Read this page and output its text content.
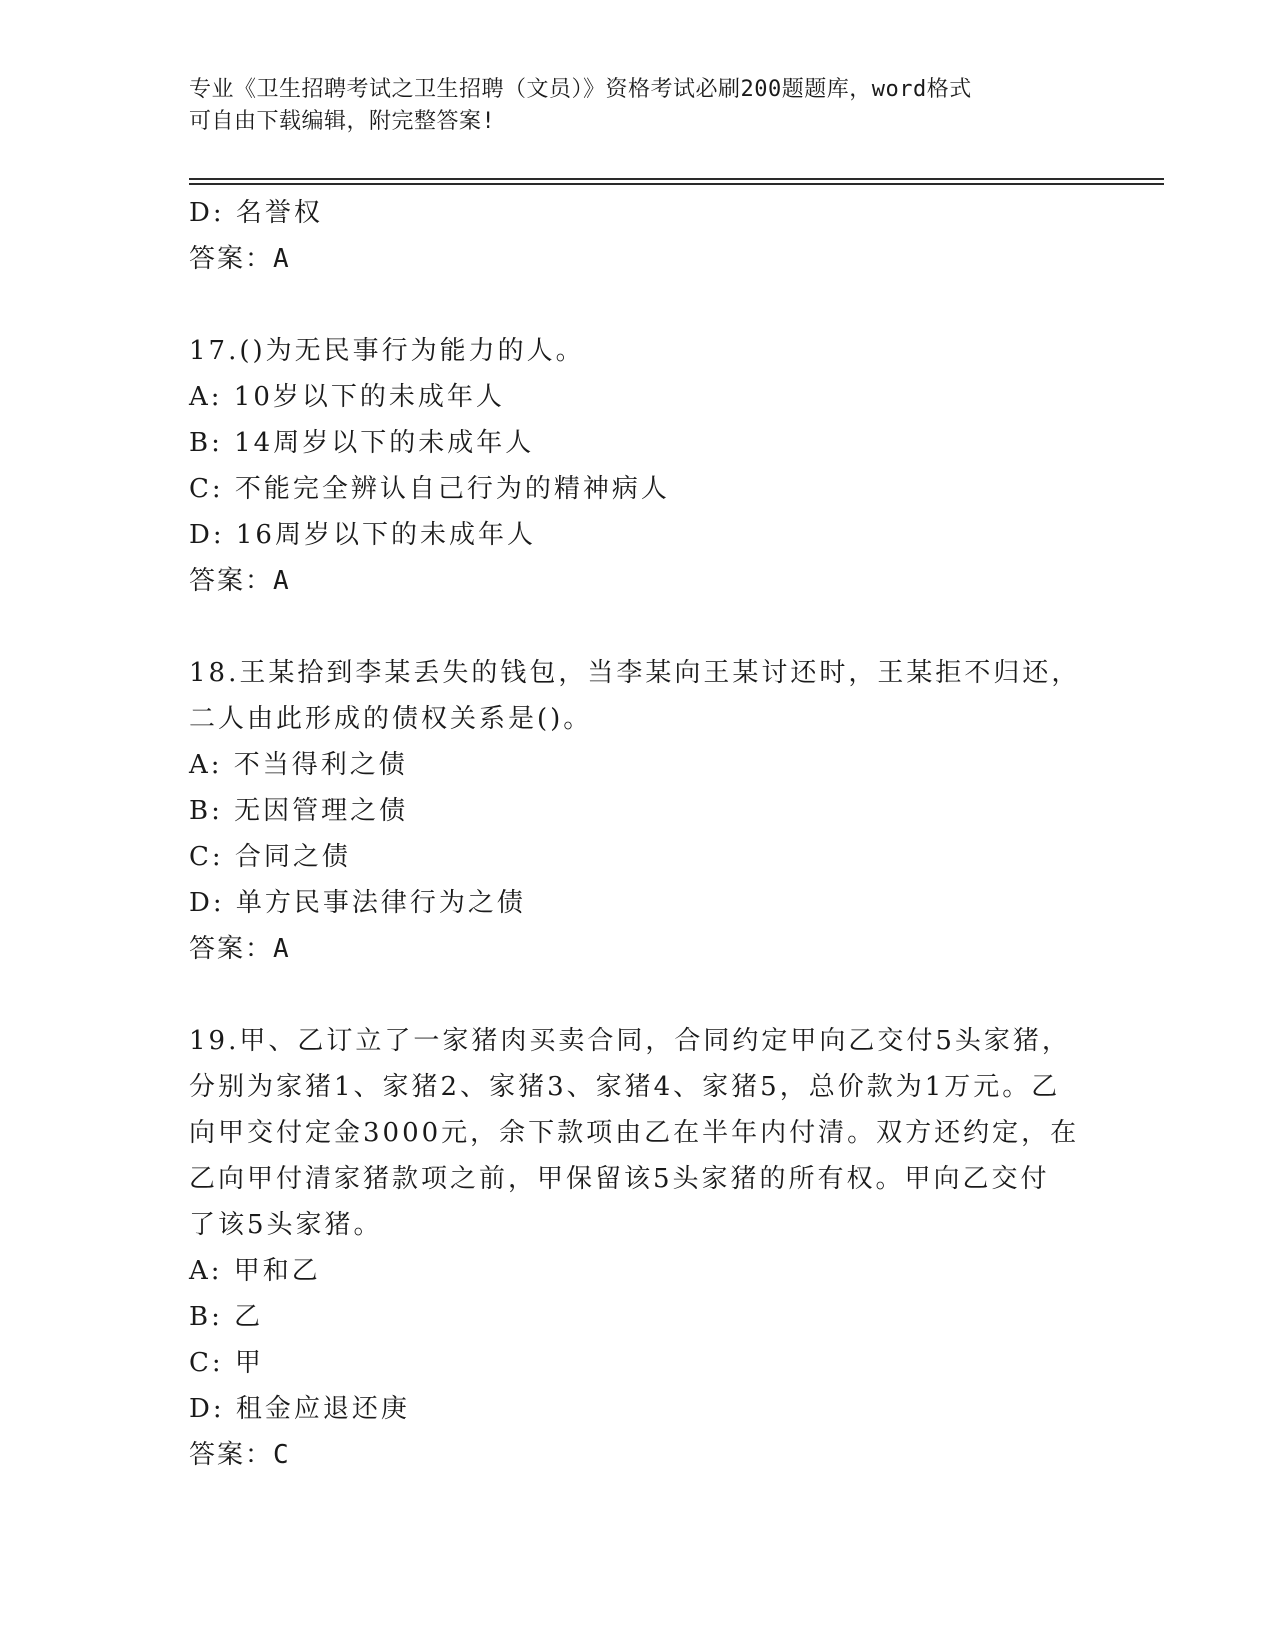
专业《卫生招聘考试之卫生招聘（文员）》资格考试必刷200题题库，word格式
可自由下载编辑，附完整答案!
D: 名誉权
答案：A
17.()为无民事行为能力的人。
A: 10岁以下的未成年人
B: 14周岁以下的未成年人
C: 不能完全辨认自己行为的精神病人
D: 16周岁以下的未成年人
答案：A
18.王某拾到李某丢失的钱包，当李某向王某讨还时，王某拒不归还，
二人由此形成的债权关系是()。
A: 不当得利之债
B: 无因管理之债
C: 合同之债
D: 单方民事法律行为之债
答案：A
19.甲、乙订立了一家猪肉买卖合同，合同约定甲向乙交付5头家猪，
分别为家猪1、家猪2、家猪3、家猪4、家猪5，总价款为1万元。乙
向甲交付定金3000元，余下款项由乙在半年内付清。双方还约定，在
乙向甲付清家猪款项之前，甲保留该5头家猪的所有权。甲向乙交付
了该5头家猪。
A: 甲和乙
B: 乙
C: 甲
D: 租金应退还庚
答案：C
